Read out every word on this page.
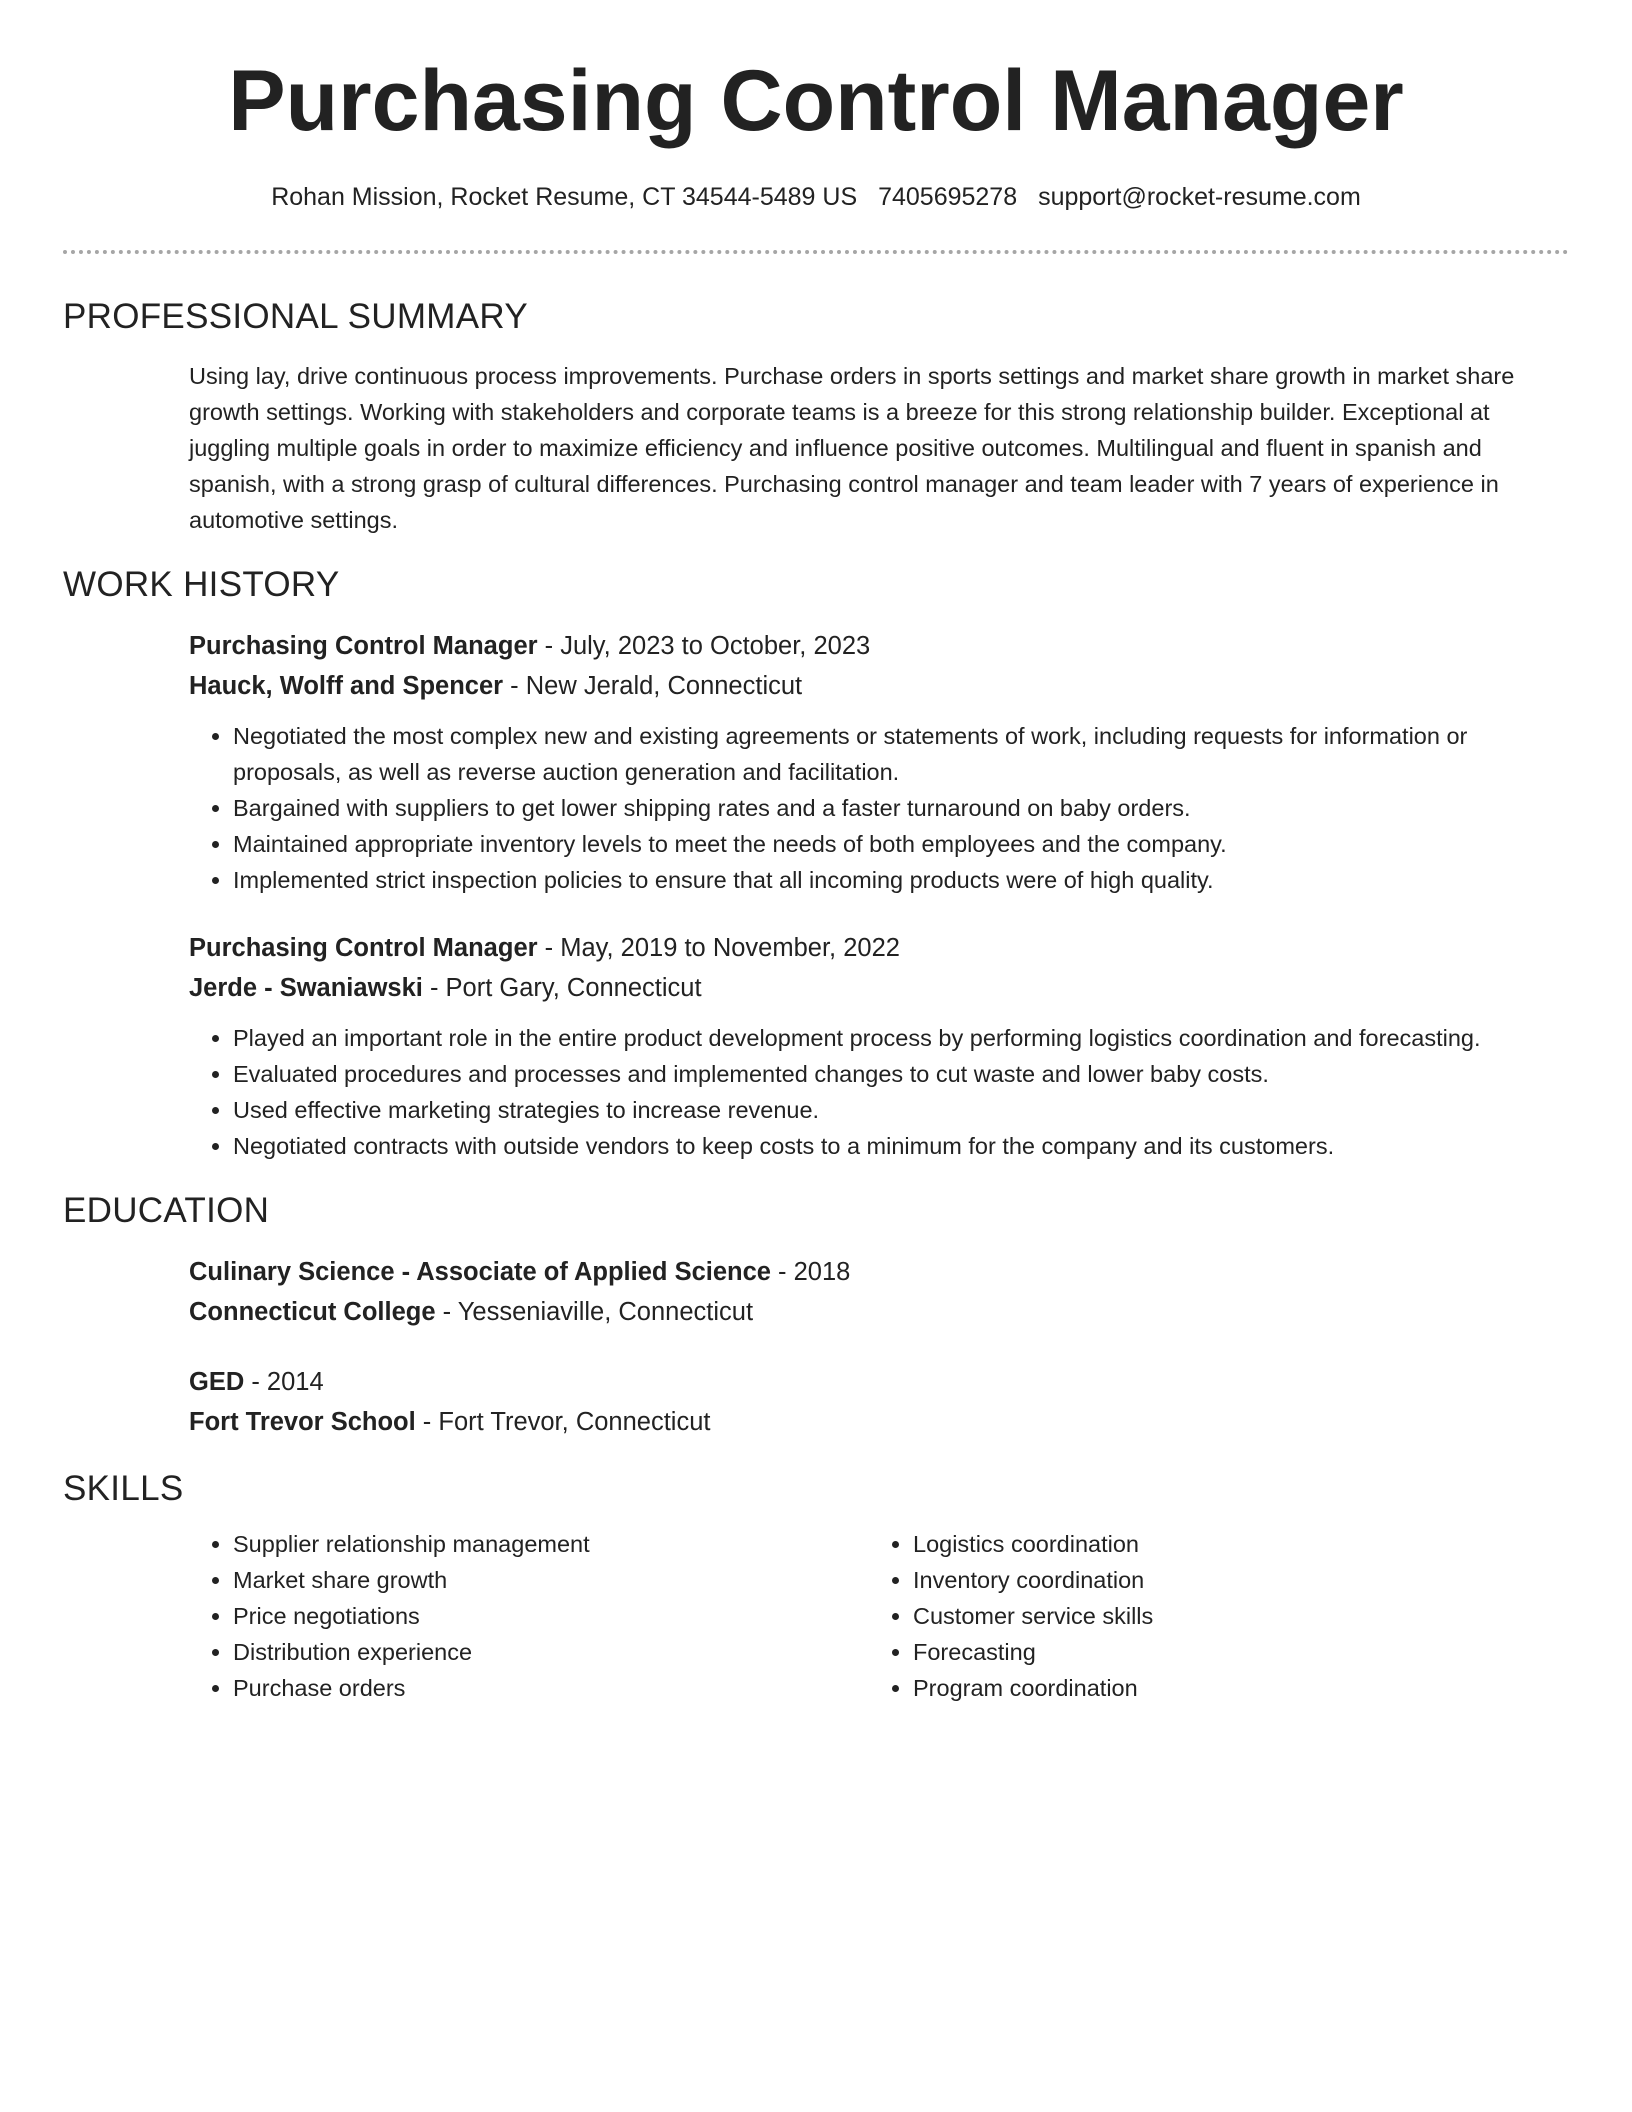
Purchasing Control Manager
Rohan Mission, Rocket Resume, CT 34544-5489 US 7405695278 support@rocket-resume.com
PROFESSIONAL SUMMARY

Using lay, drive continuous process improvements. Purchase orders in sports settings and market share growth in market share growth settings. Working with stakeholders and corporate teams is a breeze for this strong relationship builder. Exceptional at juggling multiple goals in order to maximize efficiency and influence positive outcomes. Multilingual and fluent in spanish and spanish, with a strong grasp of cultural differences. Purchasing control manager and team leader with 7 years of experience in automotive settings.

WORK HISTORY
Purchasing Control Manager - July, 2023 to October, 2023
Hauck, Wolff and Spencer - New Jerald, Connecticut
• Negotiated the most complex new and existing agreements or statements of work, including requests for information or proposals, as well as reverse auction generation and facilitation.
• Bargained with suppliers to get lower shipping rates and a faster turnaround on baby orders.
• Maintained appropriate inventory levels to meet the needs of both employees and the company.
• Implemented strict inspection policies to ensure that all incoming products were of high quality.
Purchasing Control Manager - May, 2019 to November, 2022
Jerde - Swaniawski - Port Gary, Connecticut
• Played an important role in the entire product development process by performing logistics coordination and forecasting.
• Evaluated procedures and processes and implemented changes to cut waste and lower baby costs.
• Used effective marketing strategies to increase revenue.
• Negotiated contracts with outside vendors to keep costs to a minimum for the company and its customers.
EDUCATION
Culinary Science - Associate of Applied Science - 2018
Connecticut College - Yesseniaville, Connecticut
GED - 2014
Fort Trevor School - Fort Trevor, Connecticut
SKILLS
• Supplier relationship management
• Market share growth
• Price negotiations
• Distribution experience
• Purchase orders
• Logistics coordination
• Inventory coordination
• Customer service skills
• Forecasting
• Program coordination
